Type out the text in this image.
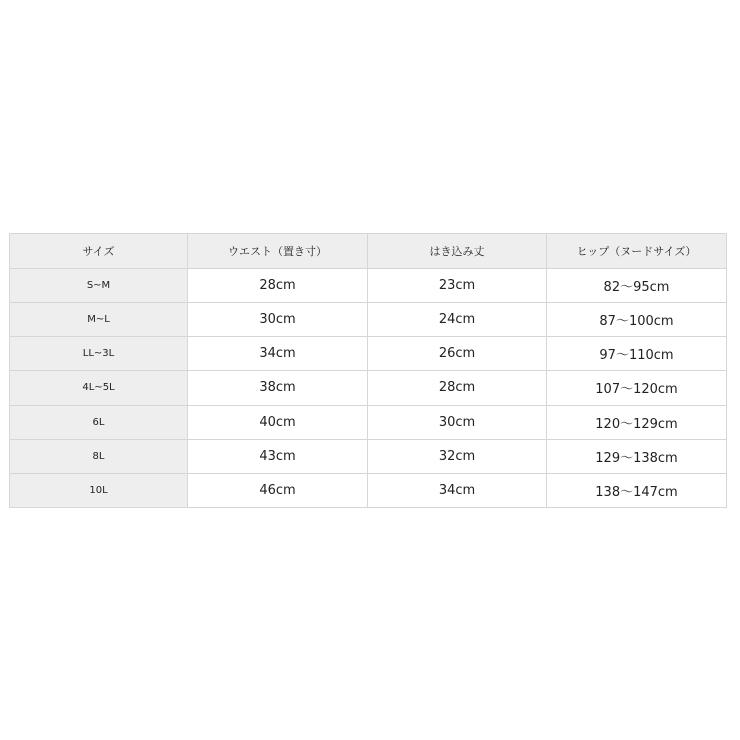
サイズ	ウエスト（置き寸）	はき込み丈	ヒップ（ヌードサイズ）
S~M	28cm	23cm	82～95cm
M~L	30cm	24cm	87～100cm
LL~3L	34cm	26cm	97～110cm
4L~5L	38cm	28cm	107～120cm
6L	40cm	30cm	120～129cm
8L	43cm	32cm	129～138cm
10L	46cm	34cm	138～147cm
